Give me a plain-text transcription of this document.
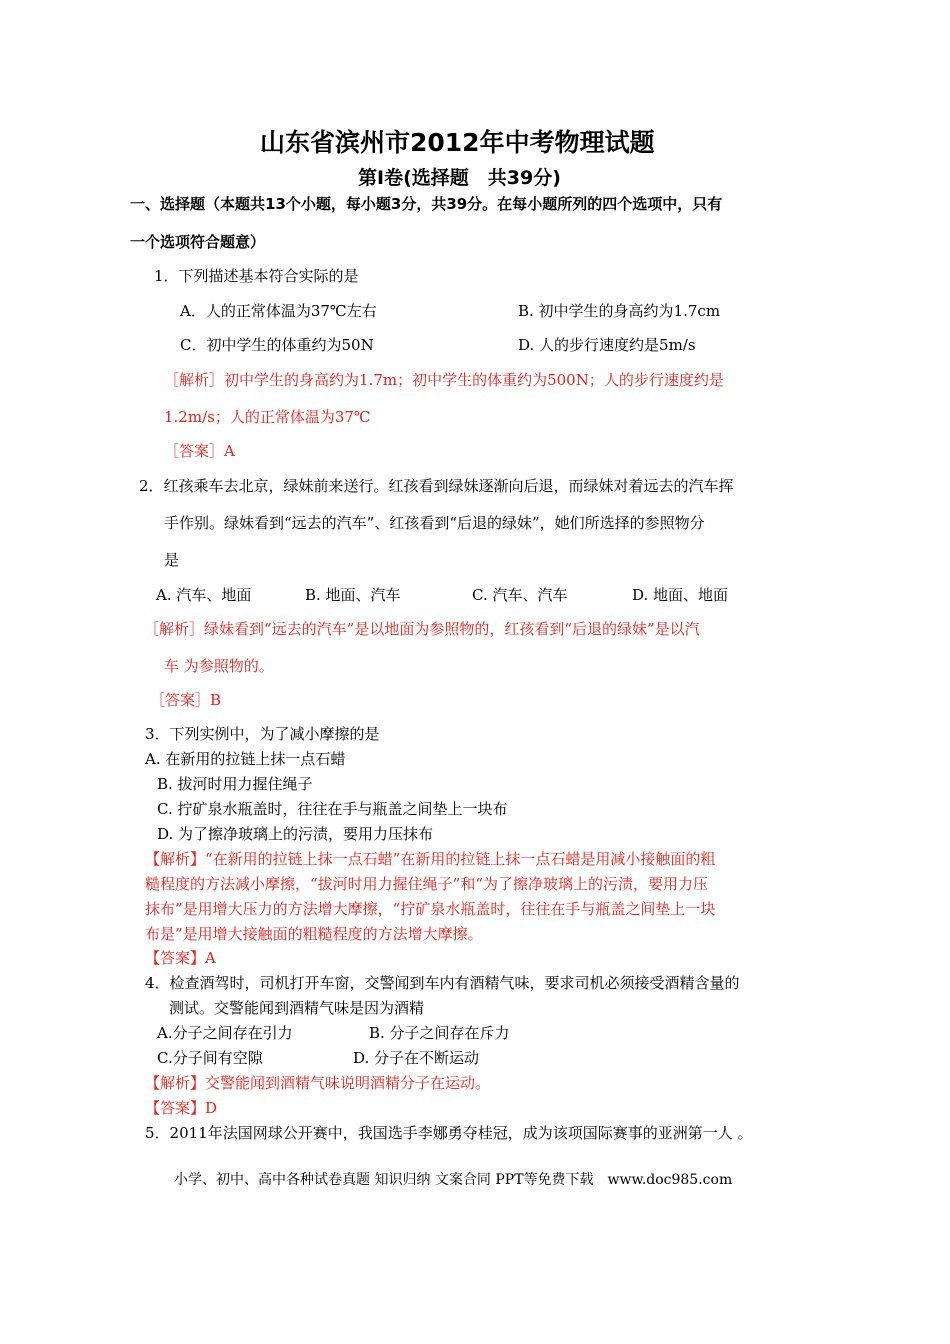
山东省滨州市2012年中考物理试题
第Ⅰ卷(选择题　共39分)
一、选择题（本题共13个小题，每小题3分，共39分。在每小题所列的四个选项中，只有
一个选项符合题意）
1．下列描述基本符合实际的是
A．人的正常体温为37℃左右	B. 初中学生的身高约为1.7cm
C．初中学生的体重约为50N	D. 人的步行速度约是5m/s
［解析］初中学生的身高约为1.7m；初中学生的体重约为500N；人的步行速度约是
1.2m/s；人的正常体温为37℃
［答案］A
2．红孩乘车去北京，绿妹前来送行。红孩看到绿妹逐渐向后退，而绿妹对着远去的汽车挥
手作别。绿妹看到“远去的汽车”、红孩看到“后退的绿妹”，她们所选择的参照物分
是
A. 汽车、地面	B. 地面、汽车	C. 汽车、汽车	D. 地面、地面
［解析］绿妹看到“远去的汽车”是以地面为参照物的，红孩看到“后退的绿妹”是以汽
车 为参照物的。
［答案］B
3．下列实例中，为了减小摩擦的是
A. 在新用的拉链上抹一点石蜡
B. 拔河时用力握住绳子
C. 拧矿泉水瓶盖时，往往在手与瓶盖之间垫上一块布
D. 为了擦净玻璃上的污渍，要用力压抹布
【解析】“在新用的拉链上抹一点石蜡”在新用的拉链上抹一点石蜡是用减小接触面的粗
糙程度的方法减小摩擦，“拔河时用力握住绳子”和“为了擦净玻璃上的污渍，要用力压
抹布”是用增大压力的方法增大摩擦，“拧矿泉水瓶盖时，往往在手与瓶盖之间垫上一块
布是”是用增大接触面的粗糙程度的方法增大摩擦。
【答案】A
4．检查酒驾时，司机打开车窗，交警闻到车内有酒精气味，要求司机必须接受酒精含量的
测试。交警能闻到酒精气味是因为酒精
A.分子之间存在引力	B. 分子之间存在斥力
C.分子间有空隙	D. 分子在不断运动
【解析】交警能闻到酒精气味说明酒精分子在运动。
【答案】D
5．2011年法国网球公开赛中，我国选手李娜勇夺桂冠，成为该项国际赛事的亚洲第一人 。
小学、初中、高中各种试卷真题 知识归纳 文案合同 PPT等免费下载　www.doc985.com
